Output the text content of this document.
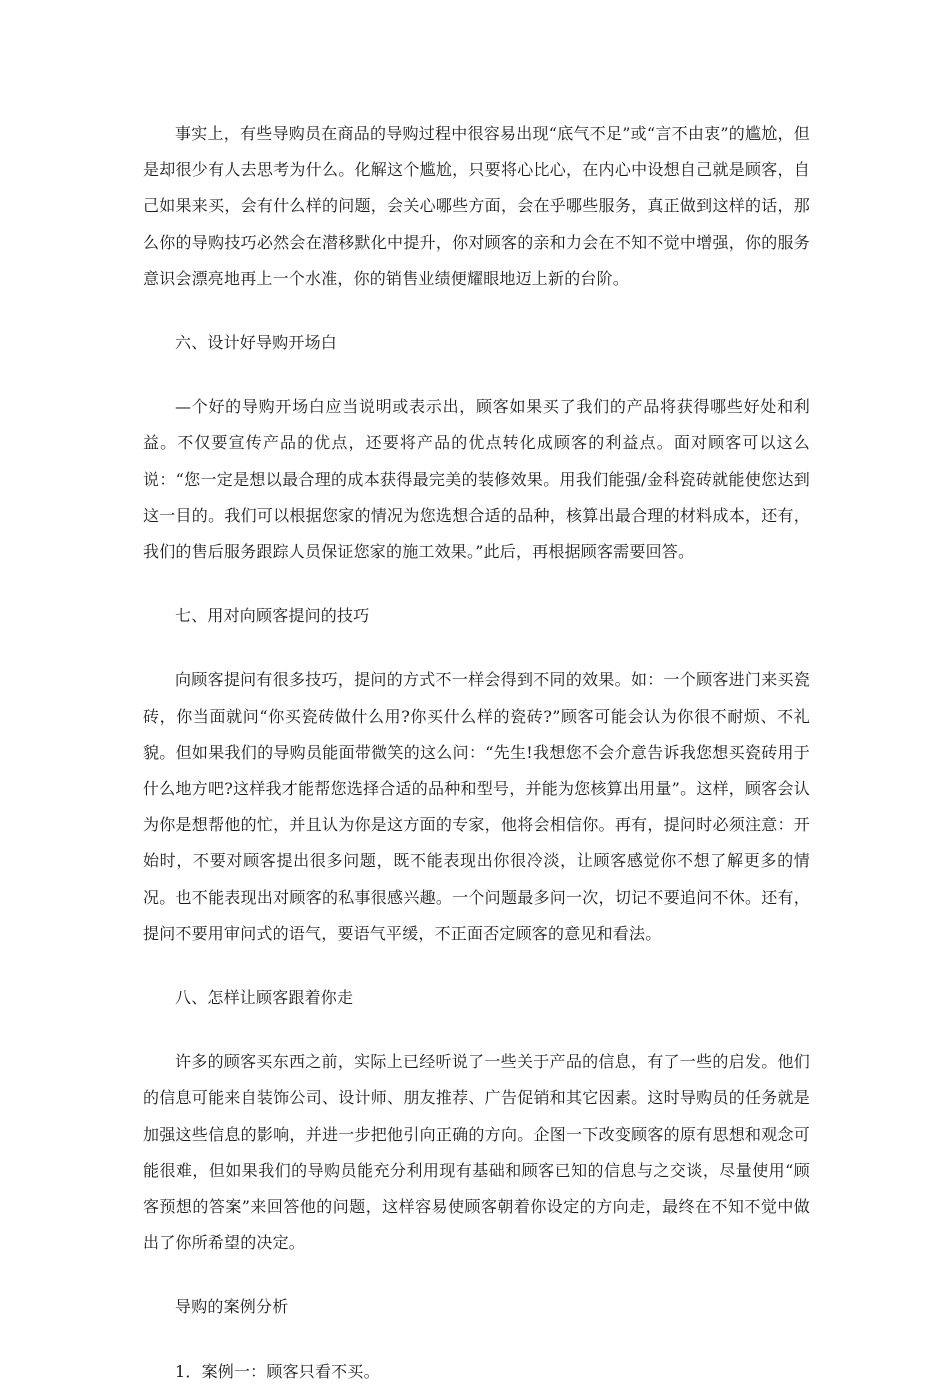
事实上，有些导购员在商品的导购过程中很容易出现“底气不足”或“言不由衷”的尴尬，但是却很少有人去思考为什么。化解这个尴尬，只要将心比心，在内心中设想自己就是顾客，自己如果来买，会有什么样的问题，会关心哪些方面，会在乎哪些服务，真正做到这样的话，那么你的导购技巧必然会在潜移默化中提升，你对顾客的亲和力会在不知不觉中增强，你的服务意识会漂亮地再上一个水准，你的销售业绩便耀眼地迈上新的台阶。

六、设计好导购开场白

—个好的导购开场白应当说明或表示出，顾客如果买了我们的产品将获得哪些好处和利益。不仅要宣传产品的优点，还要将产品的优点转化成顾客的利益点。面对顾客可以这么说：“您一定是想以最合理的成本获得最完美的装修效果。用我们能强/金科瓷砖就能使您达到这一目的。我们可以根据您家的情况为您选想合适的品种，核算出最合理的材料成本，还有，我们的售后服务跟踪人员保证您家的施工效果。”此后，再根据顾客需要回答。

七、用对向顾客提问的技巧

向顾客提问有很多技巧，提问的方式不一样会得到不同的效果。如：一个顾客进门来买瓷砖，你当面就问“你买瓷砖做什么用?你买什么样的瓷砖?”顾客可能会认为你很不耐烦、不礼貌。但如果我们的导购员能面带微笑的这么问：“先生!我想您不会介意告诉我您想买瓷砖用于什么地方吧?这样我才能帮您选择合适的品种和型号，并能为您核算出用量”。这样，顾客会认为你是想帮他的忙，并且认为你是这方面的专家，他将会相信你。再有，提问时必须注意：开始时，不要对顾客提出很多问题，既不能表现出你很冷淡，让顾客感觉你不想了解更多的情况。也不能表现出对顾客的私事很感兴趣。一个问题最多问一次，切记不要追问不休。还有，提问不要用审问式的语气，要语气平缓，不正面否定顾客的意见和看法。

八、怎样让顾客跟着你走

许多的顾客买东西之前，实际上已经听说了一些关于产品的信息，有了一些的启发。他们的信息可能来自装饰公司、设计师、朋友推荐、广告促销和其它因素。这时导购员的任务就是加强这些信息的影响，并进一步把他引向正确的方向。企图一下改变顾客的原有思想和观念可能很难，但如果我们的导购员能充分利用现有基础和顾客已知的信息与之交谈，尽量使用“顾客预想的答案”来回答他的问题，这样容易使顾客朝着你设定的方向走，最终在不知不觉中做出了你所希望的决定。

导购的案例分析

1．案例一：顾客只看不买。
